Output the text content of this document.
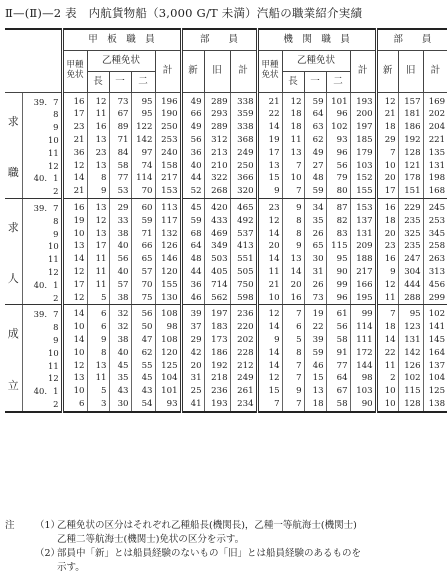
Ⅱ—(Ⅱ)—2 表　内航貨物船（3,000 G/T 未満）汽船の職業紹介実績
			甲　板　職　員					部　　員			機　関　職　員					部　　員		
			甲種免状	乙種免状			計	新	旧	計	甲種免状	乙種免状			計	新	旧	計
				長	一	二						長	一	二				

求
職	39.	7	16	12	73	95	196	49	289	338	21	12	59	101	193	12	157	169
		8	17	11	67	95	190	66	293	359	22	18	64	96	200	21	181	202
		9	23	16	89	122	250	49	289	338	14	18	63	102	197	18	186	204
		10	21	13	71	142	253	56	312	368	19	11	62	93	185	29	192	221
		11	36	23	84	97	240	36	213	249	17	13	49	96	179	7	128	135
		12	12	13	58	74	158	40	210	250	13	7	27	56	103	10	121	131
	40.	1	14	8	77	114	217	44	322	366	15	10	48	79	152	20	178	198
		2	21	9	53	70	153	52	268	320	9	7	59	80	155	17	151	168

求
人	39.	7	16	13	29	60	113	45	420	465	23	9	34	87	153	16	229	245
		8	19	12	33	59	117	59	433	492	12	8	35	82	137	18	235	253
		9	10	13	38	71	132	68	469	537	14	8	26	83	131	20	325	345
		10	13	17	40	66	126	64	349	413	20	9	65	115	209	23	235	258
		11	14	11	56	65	146	48	503	551	14	13	30	95	188	16	247	263
		12	12	11	40	57	120	44	405	505	11	14	31	90	217	9	304	313
	40.	1	17	11	57	70	155	36	714	750	21	20	26	99	166	12	444	456
		2	12	5	38	75	130	46	562	598	10	16	73	96	195	11	288	299

成
立	39.	7	14	6	32	56	108	39	197	236	12	7	19	61	99	7	95	102
		8	10	6	32	50	98	37	183	220	14	6	22	56	114	18	123	141
		9	14	9	38	47	108	29	173	202	9	5	39	58	111	14	131	145
		10	10	8	40	62	120	42	186	228	14	8	59	91	172	22	142	164
		11	12	13	45	55	125	20	192	212	14	7	46	77	144	11	126	137
		12	13	11	35	45	104	31	218	249	12	7	15	64	98	2	102	104
	40.	1	10	5	43	43	101	25	236	261	15	9	13	67	103	10	115	125
		2	6	3	30	54	93	41	193	234	7	7	18	58	90	10	128	138
注	（1）
乙種免状の区分はそれぞれ乙種船長(機関長)，乙種一等航海士(機関士)
乙種二等航海士(機関士)免状の区分を示す。
（2）
部員中「新」とは船員経験のないもの「旧」とは船員経験のあるものを
示す。
